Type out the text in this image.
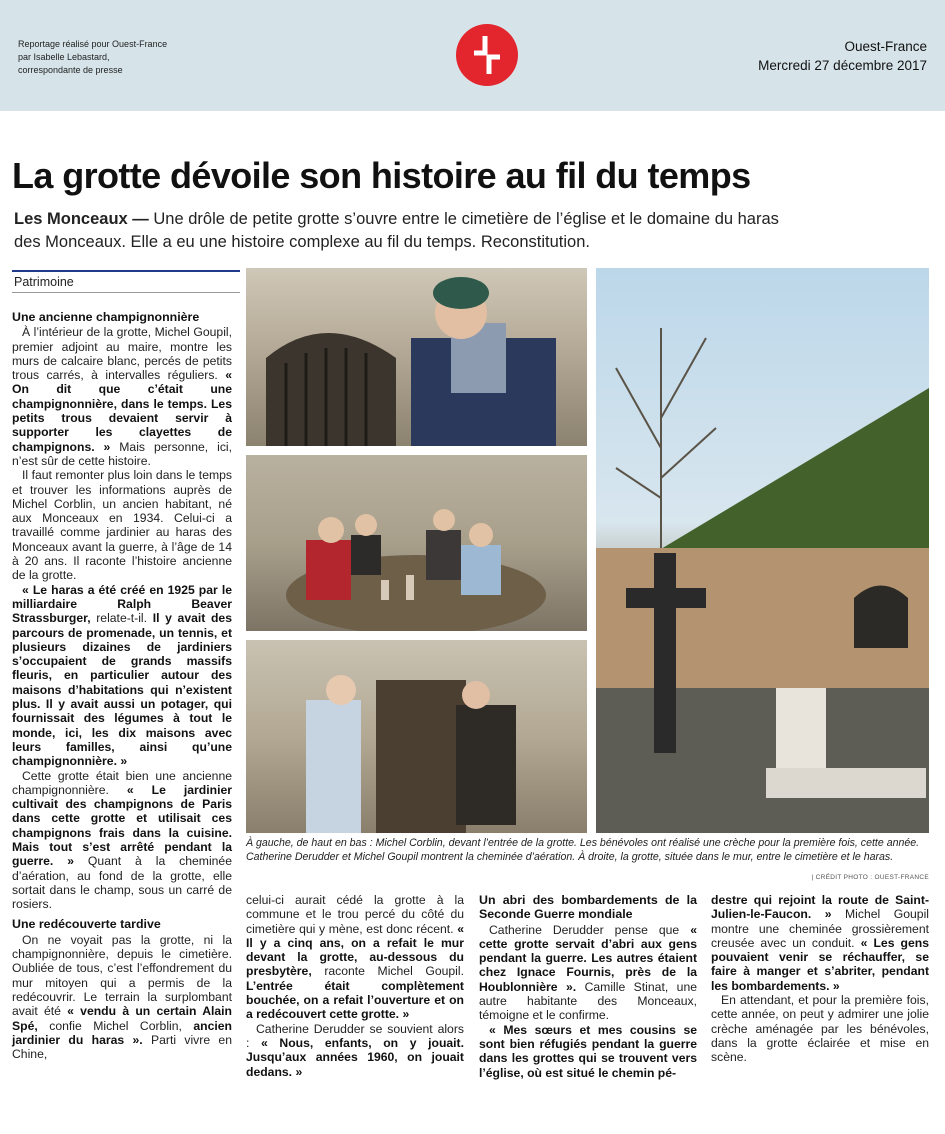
Reportage réalisé pour Ouest-France
par Isabelle Lebastard,
correspondante de presse
Ouest-France
Mercredi 27 décembre 2017
La grotte dévoile son histoire au fil du temps
Les Monceaux — Une drôle de petite grotte s’ouvre entre le cimetière de l’église et le domaine du haras des Monceaux. Elle a eu une histoire complexe au fil du temps. Reconstitution.
Patrimoine
Une ancienne champignonnière

À l’intérieur de la grotte, Michel Goupil, premier adjoint au maire, montre les murs de calcaire blanc, percés de petits trous carrés, à intervalles réguliers. « On dit que c’était une champignonnière, dans le temps. Les petits trous devaient servir à supporter les clayettes de champignons. » Mais personne, ici, n’est sûr de cette histoire.

Il faut remonter plus loin dans le temps et trouver les informations auprès de Michel Corblin, un ancien habitant, né aux Monceaux en 1934. Celui-ci a travaillé comme jardinier au haras des Monceaux avant la guerre, à l’âge de 14 à 20 ans. Il raconte l’histoire ancienne de la grotte.

« Le haras a été créé en 1925 par le milliardaire Ralph Beaver Strassburger, relate-t-il. Il y avait des parcours de promenade, un tennis, et plusieurs dizaines de jardiniers s’occupaient de grands massifs fleuris, en particulier autour des maisons d’habitations qui n’existent plus. Il y avait aussi un potager, qui fournissait des légumes à tout le monde, ici, les dix maisons avec leurs familles, ainsi qu’une champignonnière. »

Cette grotte était bien une ancienne champignonnière. « Le jardinier cultivait des champignons de Paris dans cette grotte et utilisait ces champignons frais dans la cuisine. Mais tout s’est arrêté pendant la guerre. » Quant à la cheminée d’aération, au fond de la grotte, elle sortait dans le champ, sous un carré de rosiers.

Une redécouverte tardive

On ne voyait pas la grotte, ni la champignonnière, depuis le cimetière. Oubliée de tous, c’est l’effondrement du mur mitoyen qui a permis de la redécouvrir. Le terrain la surplombant avait été « vendu à un certain Alain Spé, confie Michel Corblin, ancien jardinier du haras ». Parti vivre en Chine,

À gauche, de haut en bas : Michel Corblin, devant l’entrée de la grotte. Les bénévoles ont réalisé une crèche pour la première fois, cette année. Catherine Derudder et Michel Goupil montrent la cheminée d’aération. À droite, la grotte, située dans le mur, entre le cimetière et le haras.
| CRÉDIT PHOTO : OUEST-FRANCE

celui-ci aurait cédé la grotte à la commune et le trou percé du côté du cimetière qui y mène, est donc récent. « Il y a cinq ans, on a refait le mur devant la grotte, au-dessous du presbytère, raconte Michel Goupil. L’entrée était complètement bouchée, on a refait l’ouverture et on a redécouvert cette grotte. »

Catherine Derudder se souvient alors : « Nous, enfants, on y jouait. Jusqu’aux années 1960, on jouait dedans. »

Un abri des bombardements de la Seconde Guerre mondiale

Catherine Derudder pense que « cette grotte servait d’abri aux gens pendant la guerre. Les autres étaient chez Ignace Fournis, près de la Houblonnière ». Camille Stinat, une autre habitante des Monceaux, témoigne et le confirme.

« Mes sœurs et mes cousins se sont bien réfugiés pendant la guerre dans les grottes qui se trouvent vers l’église, où est situé le chemin pé-

destre qui rejoint la route de Saint-Julien-le-Faucon. » Michel Goupil montre une cheminée grossièrement creusée avec un conduit. « Les gens pouvaient venir se réchauffer, se faire à manger et s’abriter, pendant les bombardements. »

En attendant, et pour la première fois, cette année, on peut y admirer une jolie crèche aménagée par les bénévoles, dans la grotte éclairée et mise en scène.
